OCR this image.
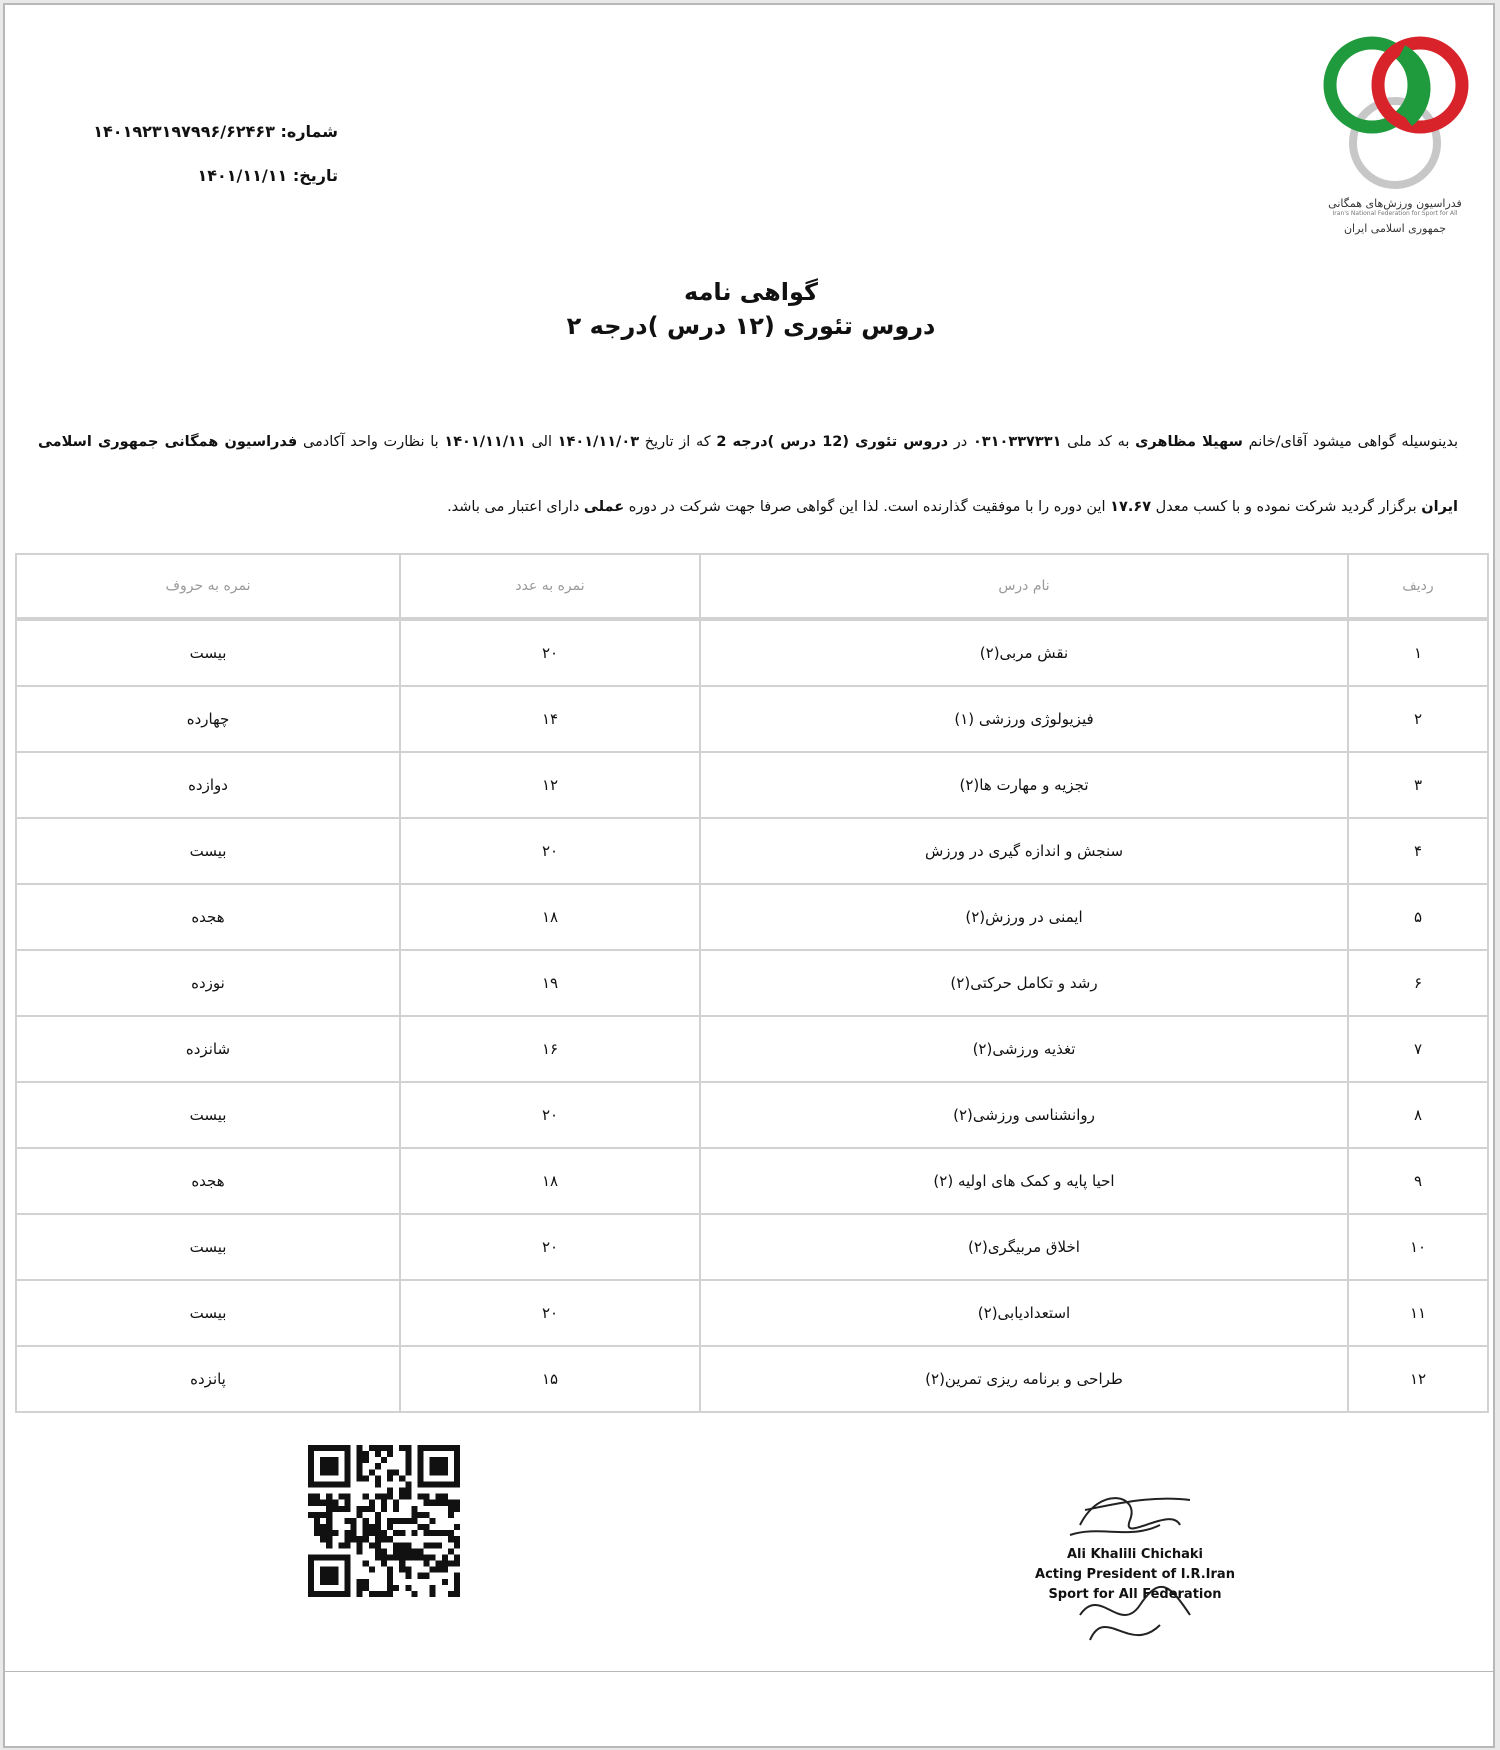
شماره: ۱۴۰۱۹۲۳۱۹۷۹۹۶/۶۲۴۶۳
تاریخ: ۱۴۰۱/۱۱/۱۱
فدراسیون ورزش‌های همگانی
Iran's National Federation for Sport for All
جمهوری اسلامی ایران
گواهی نامه
دروس تئوری (۱۲ درس )درجه ۲
بدینوسیله گواهی میشود آقای/خانم سهیلا مظاهری به کد ملی ۰۳۱۰۳۳۷۳۳۱ در دروس تئوری (12 درس )درجه 2 که از تاریخ ۱۴۰۱/۱۱/۰۳ الی ۱۴۰۱/۱۱/۱۱ با نظارت واحد آکادمی فدراسیون همگانی جمهوری اسلامی ایران برگزار گردید شرکت نموده و با کسب معدل ۱۷.۶۷ این دوره را با موفقیت گذارنده است. لذا این گواهی صرفا جهت شرکت در دوره عملی دارای اعتبار می باشد.
ردیف	نام درس	نمره به عدد	نمره به حروف
۱	نقش مربی(۲)	۲۰	بیست
۲	فیزیولوژی ورزشی (۱)	۱۴	چهارده
۳	تجزیه و مهارت ها(۲)	۱۲	دوازده
۴	سنجش و اندازه گیری در ورزش	۲۰	بیست
۵	ایمنی در ورزش(۲)	۱۸	هجده
۶	رشد و تکامل حرکتی(۲)	۱۹	نوزده
۷	تغذیه ورزشی(۲)	۱۶	شانزده
۸	روانشناسی ورزشی(۲)	۲۰	بیست
۹	احیا پایه و کمک های اولیه (۲)	۱۸	هجده
۱۰	اخلاق مربیگری(۲)	۲۰	بیست
۱۱	استعدادیابی(۲)	۲۰	بیست
۱۲	طراحی و برنامه ریزی تمرین(۲)	۱۵	پانزده
Ali Khalili Chichaki
Acting President of I.R.Iran
Sport for All Federation
